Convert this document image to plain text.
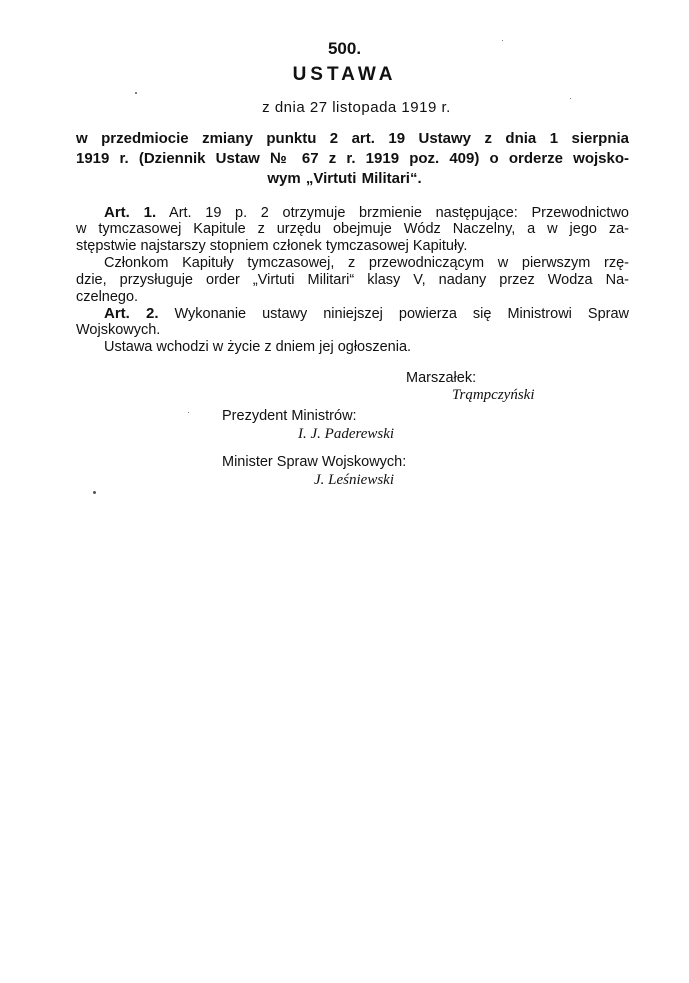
500.
USTAWA
z dnia 27 listopada 1919 r.
w przedmiocie zmiany punktu 2 art. 19 Ustawy z dnia 1 sierpnia
1919 r. (Dziennik Ustaw № 67 z r. 1919 poz. 409) o orderze wojsko-
wym „Virtuti Militari“.
Art. 1. Art. 19 p. 2 otrzymuje brzmienie następujące: Przewodnictwo
w tymczasowej Kapitule z urzędu obejmuje Wódz Naczelny, a w jego za-
stępstwie najstarszy stopniem członek tymczasowej Kapituły.
Członkom Kapituły tymczasowej, z przewodniczącym w pierwszym rzę-
dzie, przysługuje order „Virtuti Militari“ klasy V, nadany przez Wodza Na-
czelnego.
Art. 2. Wykonanie ustawy niniejszej powierza się Ministrowi Spraw
Wojskowych.
Ustawa wchodzi w życie z dniem jej ogłoszenia.
Marszałek:
Trąmpczyński
Prezydent Ministrów:
I. J. Paderewski
Minister Spraw Wojskowych:
J. Leśniewski
